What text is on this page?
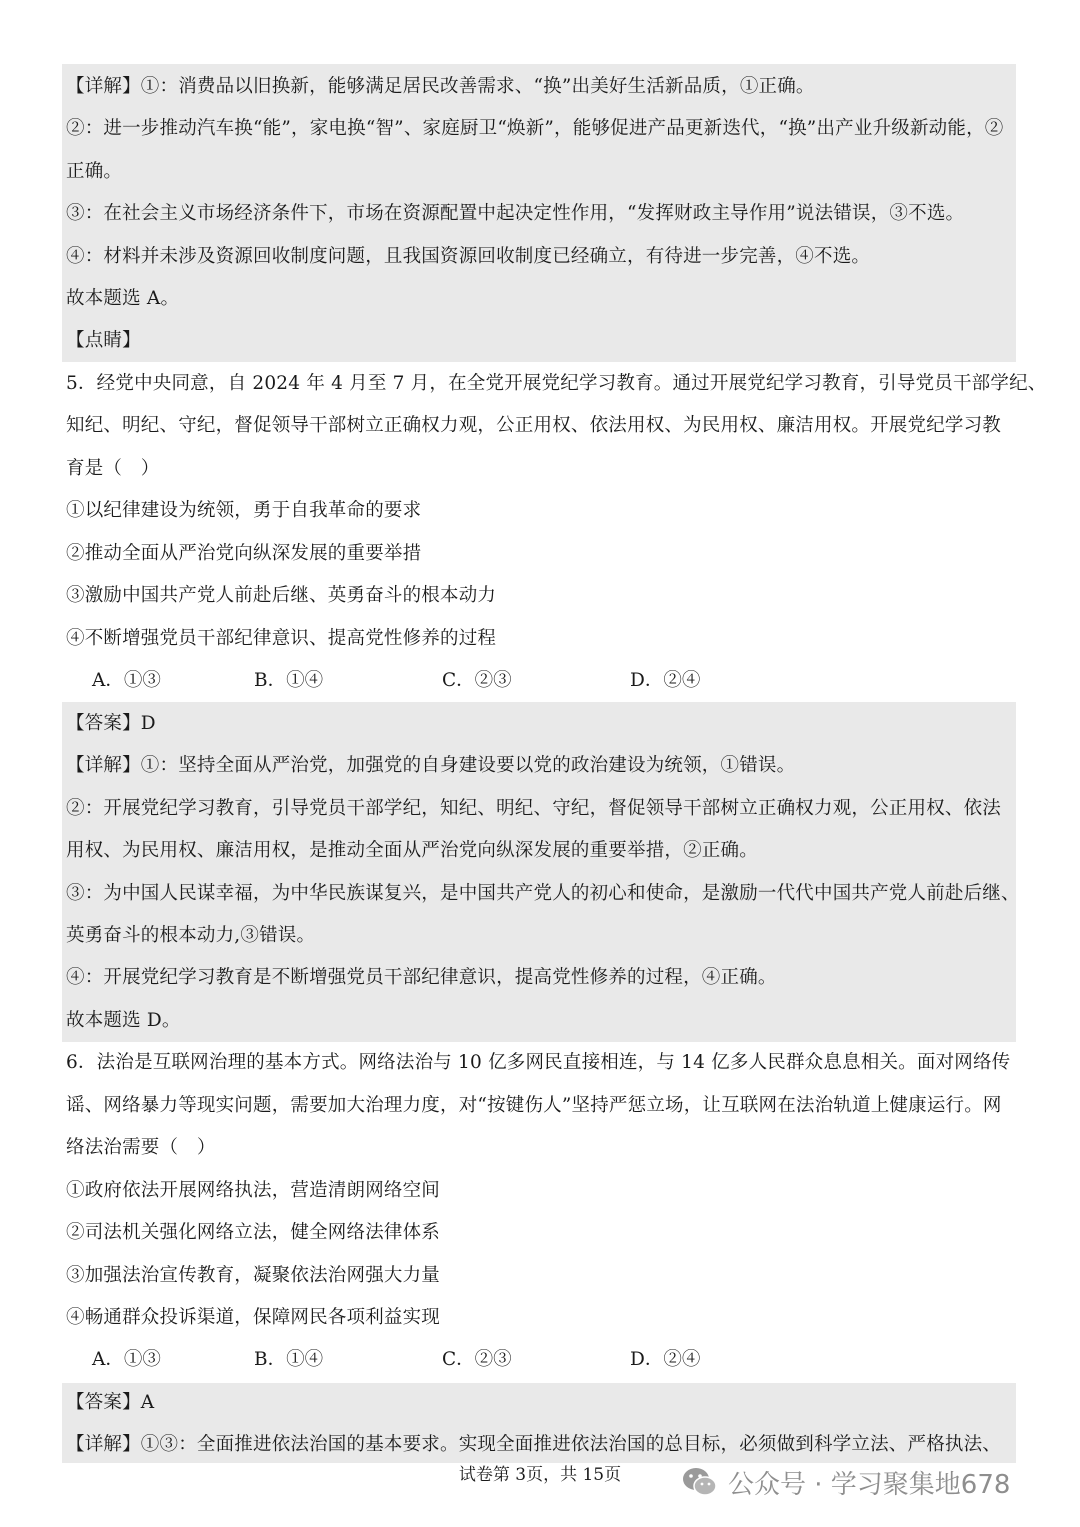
【详解】①：消费品以旧换新，能够满足居民改善需求、“换”出美好生活新品质，①正确。
②：进一步推动汽车换“能”，家电换“智”、家庭厨卫“焕新”，能够促进产品更新迭代，“换”出产业升级新动能，②
正确。
③：在社会主义市场经济条件下，市场在资源配置中起决定性作用，“发挥财政主导作用”说法错误，③不选。
④：材料并未涉及资源回收制度问题，且我国资源回收制度已经确立，有待进一步完善，④不选。
故本题选 A。
【点睛】
5．经党中央同意，自 2024 年 4 月至 7 月，在全党开展党纪学习教育。通过开展党纪学习教育，引导党员干部学纪、
知纪、明纪、守纪，督促领导干部树立正确权力观，公正用权、依法用权、为民用权、廉洁用权。开展党纪学习教
育是（　）
①以纪律建设为统领，勇于自我革命的要求
②推动全面从严治党向纵深发展的重要举措
③激励中国共产党人前赴后继、英勇奋斗的根本动力
④不断增强党员干部纪律意识、提高党性修养的过程
A．①③	B．①④	C．②③	D．②④
【答案】D
【详解】①：坚持全面从严治党，加强党的自身建设要以党的政治建设为统领，①错误。
②：开展党纪学习教育，引导党员干部学纪，知纪、明纪、守纪，督促领导干部树立正确权力观，公正用权、依法
用权、为民用权、廉洁用权，是推动全面从严治党向纵深发展的重要举措，②正确。
③：为中国人民谋幸福，为中华民族谋复兴，是中国共产党人的初心和使命，是激励一代代中国共产党人前赴后继、
英勇奋斗的根本动力,③错误。
④：开展党纪学习教育是不断增强党员干部纪律意识，提高党性修养的过程，④正确。
故本题选 D。
6．法治是互联网治理的基本方式。网络法治与 10 亿多网民直接相连，与 14 亿多人民群众息息相关。面对网络传
谣、网络暴力等现实问题，需要加大治理力度，对“按键伤人”坚持严惩立场，让互联网在法治轨道上健康运行。网
络法治需要（　）
①政府依法开展网络执法，营造清朗网络空间
②司法机关强化网络立法，健全网络法律体系
③加强法治宣传教育，凝聚依法治网强大力量
④畅通群众投诉渠道，保障网民各项利益实现
A．①③	B．①④	C．②③	D．②④
【答案】A
【详解】①③：全面推进依法治国的基本要求。实现全面推进依法治国的总目标，必须做到科学立法、严格执法、
试卷第 3页，共 15页	公众号 · 学习聚集地678
